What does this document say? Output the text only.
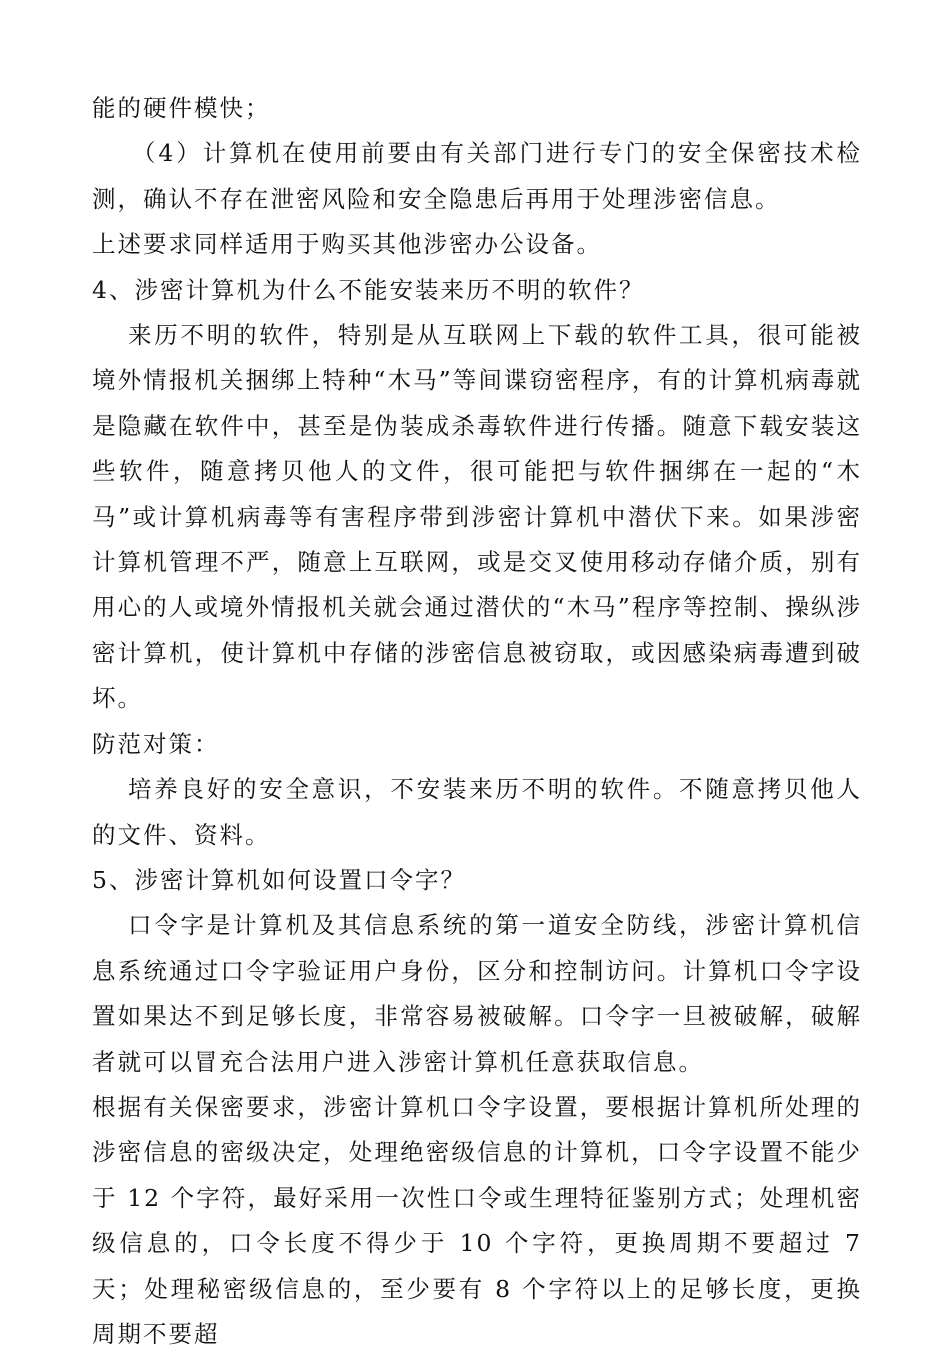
能的硬件模快；

（4）计算机在使用前要由有关部门进行专门的安全保密技术检测，确认不存在泄密风险和安全隐患后再用于处理涉密信息。

上述要求同样适用于购买其他涉密办公设备。

4、涉密计算机为什么不能安装来历不明的软件？

来历不明的软件，特别是从互联网上下载的软件工具，很可能被境外情报机关捆绑上特种“木马”等间谍窃密程序，有的计算机病毒就是隐藏在软件中，甚至是伪装成杀毒软件进行传播。随意下载安装这些软件，随意拷贝他人的文件，很可能把与软件捆绑在一起的“木马”或计算机病毒等有害程序带到涉密计算机中潜伏下来。如果涉密计算机管理不严，随意上互联网，或是交叉使用移动存储介质，别有用心的人或境外情报机关就会通过潜伏的“木马”程序等控制、操纵涉密计算机，使计算机中存储的涉密信息被窃取，或因感染病毒遭到破坏。

防范对策：

培养良好的安全意识，不安装来历不明的软件。不随意拷贝他人的文件、资料。

5、涉密计算机如何设置口令字？

口令字是计算机及其信息系统的第一道安全防线，涉密计算机信息系统通过口令字验证用户身份，区分和控制访问。计算机口令字设置如果达不到足够长度，非常容易被破解。口令字一旦被破解，破解者就可以冒充合法用户进入涉密计算机任意获取信息。

根据有关保密要求，涉密计算机口令字设置，要根据计算机所处理的涉密信息的密级决定，处理绝密级信息的计算机，口令字设置不能少于 12 个字符，最好采用一次性口令或生理特征鉴别方式；处理机密级信息的，口令长度不得少于 10 个字符，更换周期不要超过 7 天；处理秘密级信息的，至少要有 8 个字符以上的足够长度，更换周期不要超
